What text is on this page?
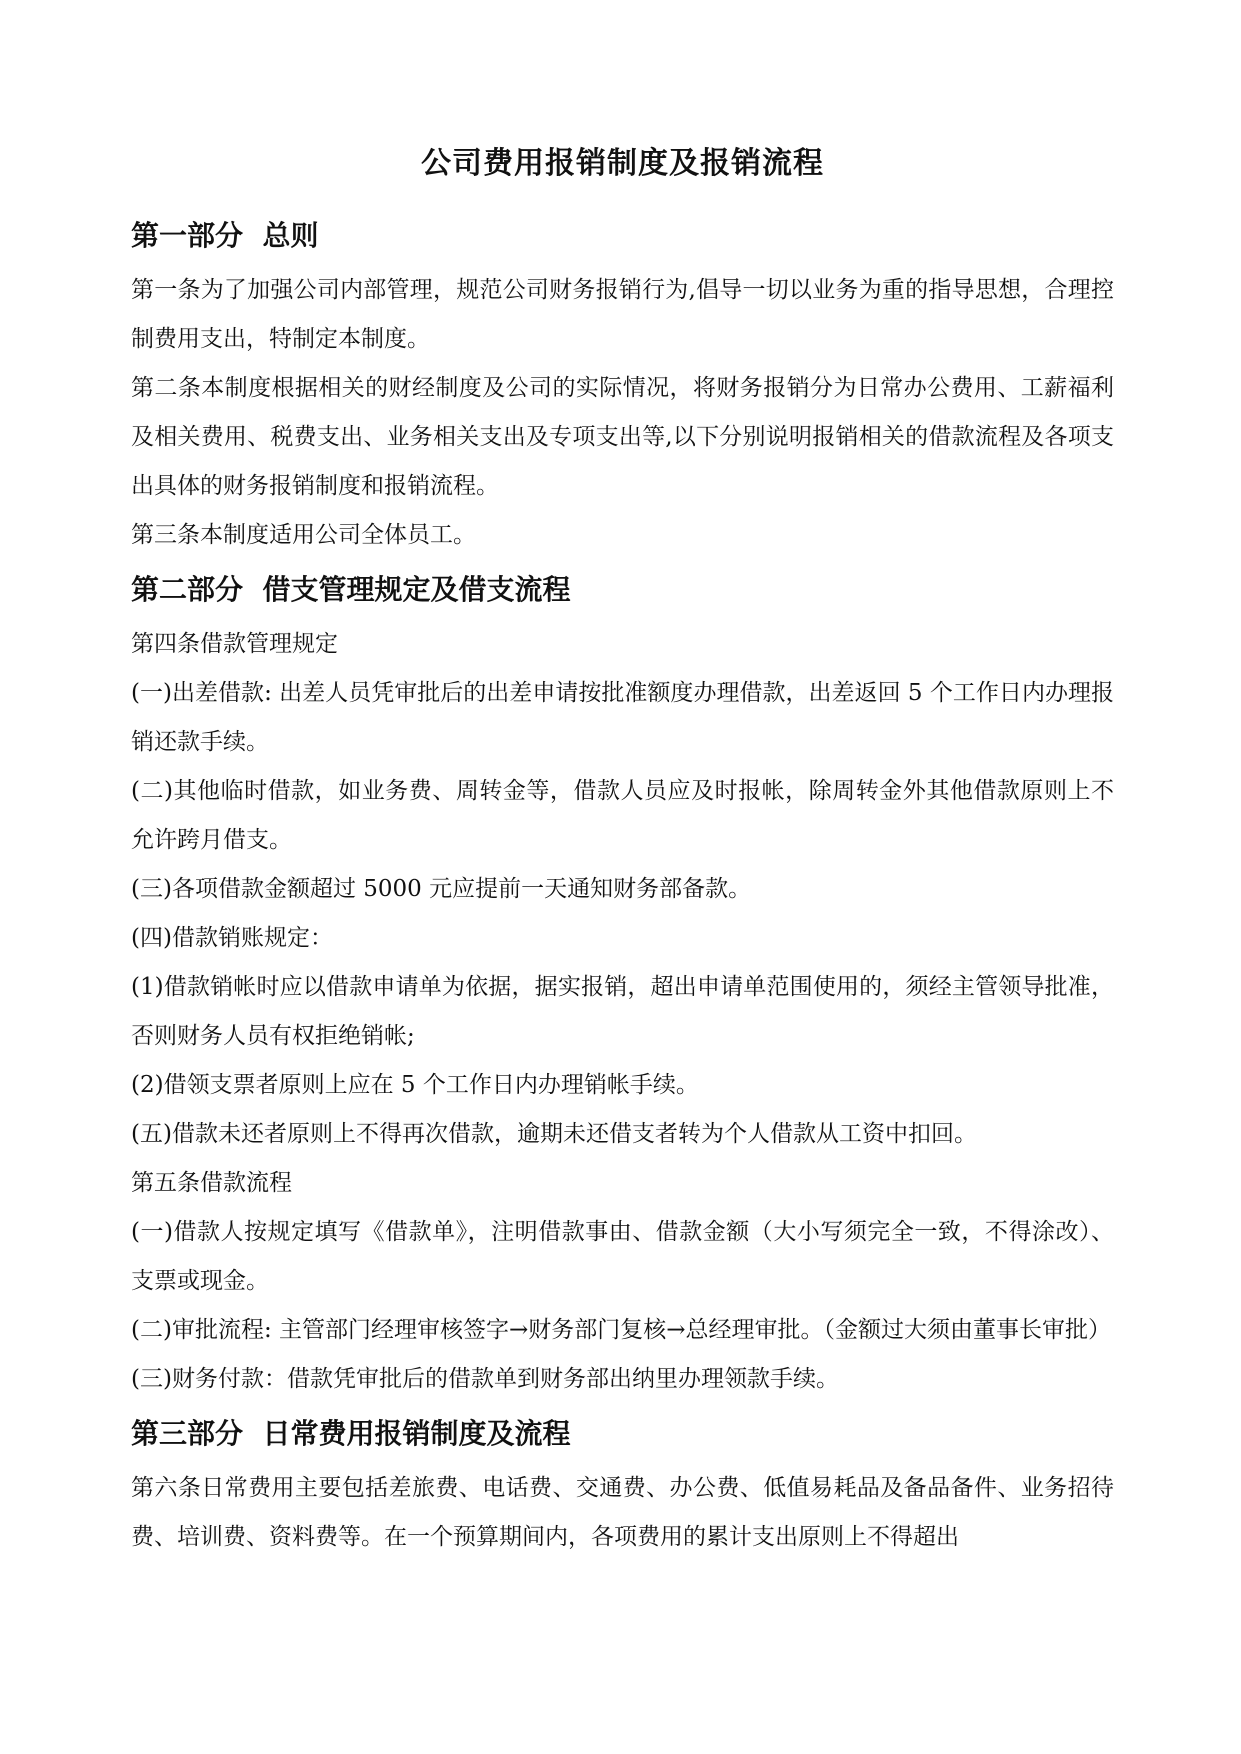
公司费用报销制度及报销流程
第一部分  总则

第一条为了加强公司内部管理，规范公司财务报销行为,倡导一切以业务为重的指导思想，合理控制费用支出，特制定本制度。

第二条本制度根据相关的财经制度及公司的实际情况，将财务报销分为日常办公费用、工薪福利及相关费用、税费支出、业务相关支出及专项支出等,以下分别说明报销相关的借款流程及各项支出具体的财务报销制度和报销流程。

第三条本制度适用公司全体员工。

第二部分  借支管理规定及借支流程

第四条借款管理规定

(一)出差借款: 出差人员凭审批后的出差申请按批准额度办理借款，出差返回 5 个工作日内办理报销还款手续。

(二)其他临时借款，如业务费、周转金等，借款人员应及时报帐，除周转金外其他借款原则上不允许跨月借支。

(三)各项借款金额超过 5000 元应提前一天通知财务部备款。

(四)借款销账规定：

(1)借款销帐时应以借款申请单为依据，据实报销，超出申请单范围使用的，须经主管领导批准，否则财务人员有权拒绝销帐;

(2)借领支票者原则上应在 5 个工作日内办理销帐手续。

(五)借款未还者原则上不得再次借款，逾期未还借支者转为个人借款从工资中扣回。

第五条借款流程

(一)借款人按规定填写《借款单》，注明借款事由、借款金额（大小写须完全一致，不得涂改）、支票或现金。

(二)审批流程: 主管部门经理审核签字→财务部门复核→总经理审批。（金额过大须由董事长审批）

(三)财务付款：借款凭审批后的借款单到财务部出纳里办理领款手续。

第三部分  日常费用报销制度及流程

第六条日常费用主要包括差旅费、电话费、交通费、办公费、低值易耗品及备品备件、业务招待费、培训费、资料费等。在一个预算期间内，各项费用的累计支出原则上不得超出
